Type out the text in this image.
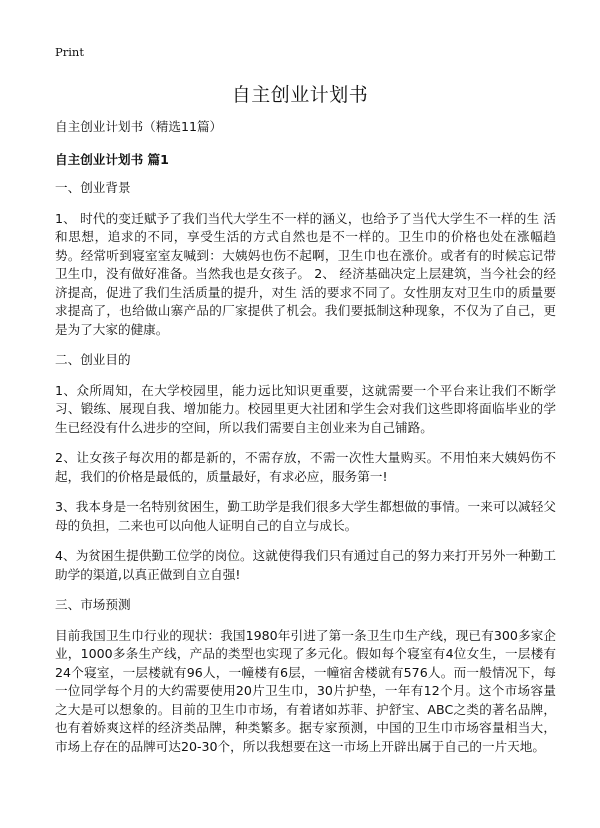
Print
自主创业计划书

自主创业计划书（精选11篇）

自主创业计划书 篇1

一、创业背景

1、 时代的变迁赋予了我们当代大学生不一样的涵义，也给予了当代大学生不一样的生 活和思想，追求的不同，享受生活的方式自然也是不一样的。卫生巾的价格也处在涨幅趋势。经常听到寝室室友喊到：大姨妈也伤不起啊，卫生巾也在涨价。或者有的时候忘记带卫生巾，没有做好准备。当然我也是女孩子。 2、 经济基础决定上层建筑，当今社会的经济提高，促进了我们生活质量的提升，对生 活的要求不同了。女性朋友对卫生巾的质量要求提高了，也给做山寨产品的厂家提供了机会。我们要抵制这种现象，不仅为了自己，更是为了大家的健康。

二、创业目的

1、众所周知，在大学校园里，能力远比知识更重要，这就需要一个平台来让我们不断学习、锻练、展现自我、增加能力。校园里更大社团和学生会对我们这些即将面临毕业的学生已经没有什么进步的空间，所以我们需要自主创业来为自己铺路。

2、让女孩子每次用的都是新的，不需存放，不需一次性大量购买。不用怕来大姨妈伤不起，我们的价格是最低的，质量最好，有求必应，服务第一!

3、我本身是一名特别贫困生，勤工助学是我们很多大学生都想做的事情。一来可以减轻父母的负担，二来也可以向他人证明自己的自立与成长。

4、为贫困生提供勤工位学的岗位。这就使得我们只有通过自己的努力来打开另外一种勤工助学的渠道,以真正做到自立自强!

三、市场预测

目前我国卫生巾行业的现状：我国1980年引进了第一条卫生巾生产线，现已有300多家企业，1000多条生产线，产品的类型也实现了多元化。假如每个寝室有4位女生，一层楼有24个寝室，一层楼就有96人，一幢楼有6层，一幢宿舍楼就有576人。而一般情况下，每一位同学每个月的大约需要使用20片卫生巾，30片护垫，一年有12个月。这个市场容量之大是可以想象的。目前的卫生巾市场，有着诸如苏菲、护舒宝、ABC之类的著名品牌，也有着娇爽这样的经济类品牌，种类繁多。据专家预测，中国的卫生巾市场容量相当大，市场上存在的品牌可达20-30个，所以我想要在这一市场上开辟出属于自己的一片天地。
